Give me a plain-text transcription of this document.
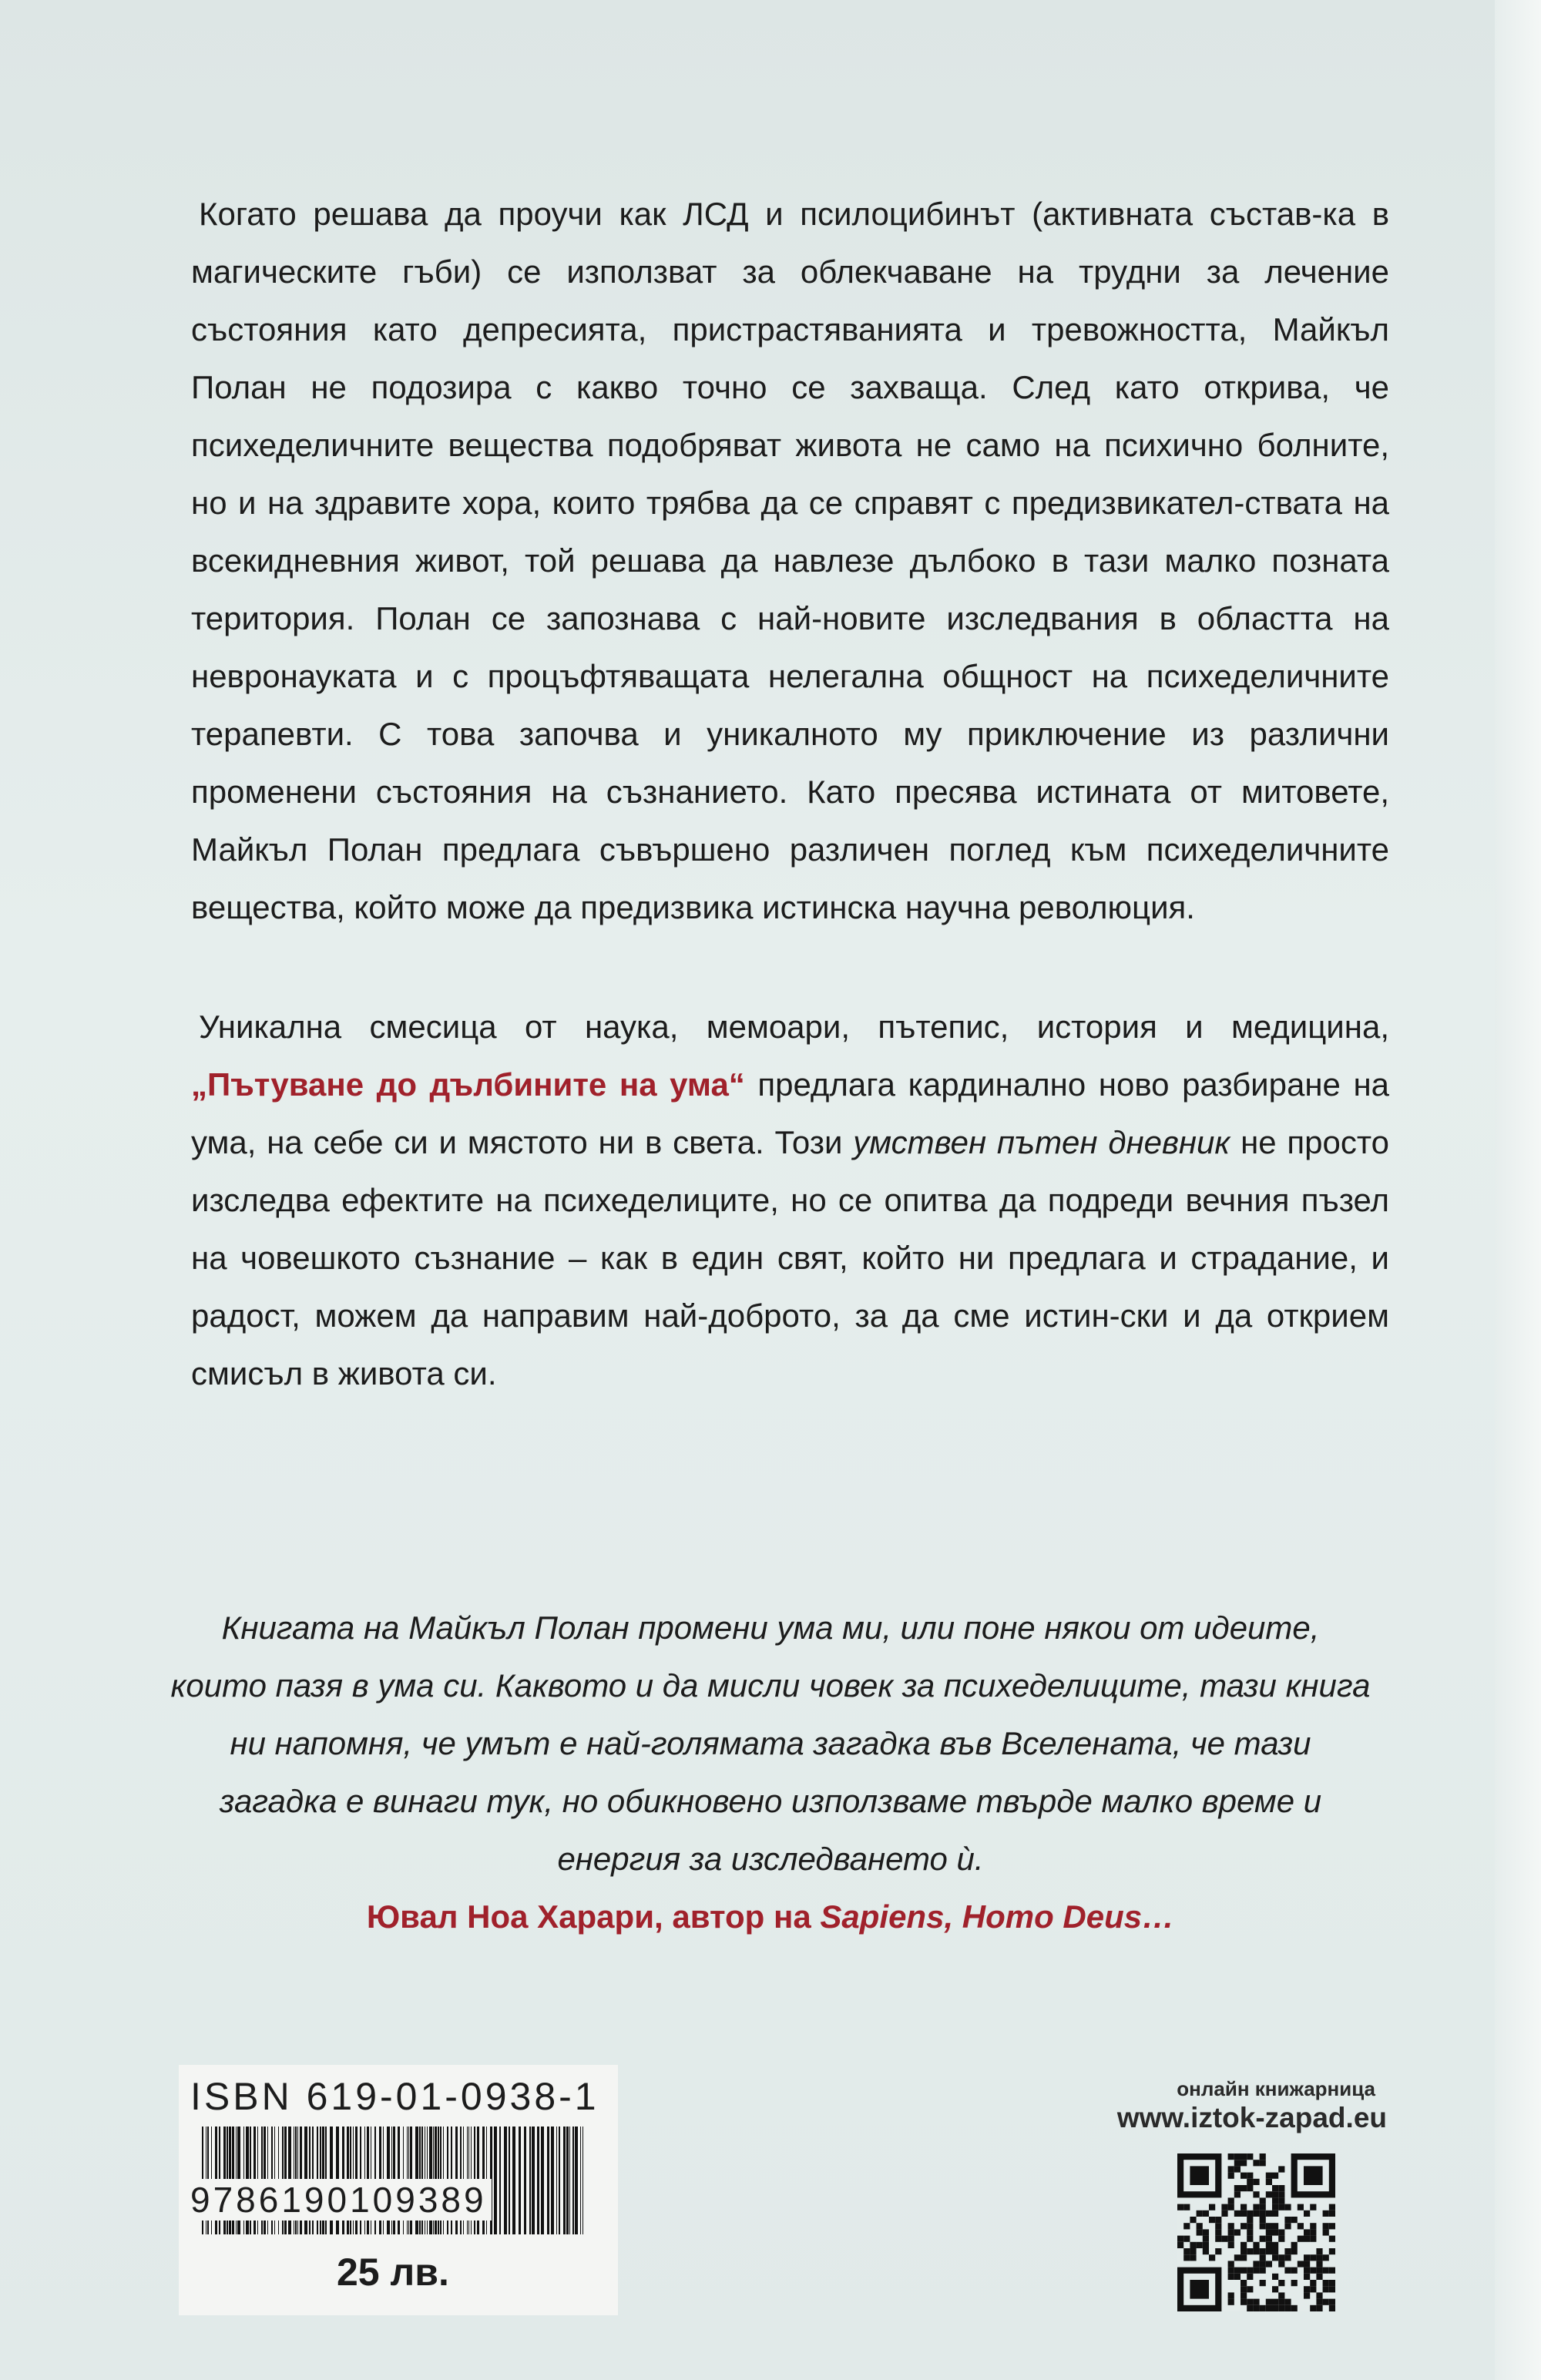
Когато решава да проучи как ЛСД и псилоцибинът (активната състав-ка в магическите гъби) се използват за облекчаване на трудни за лечение състояния като депресията, пристрастяванията и тревожността, Майкъл Полан не подозира с какво точно се захваща. След като открива, че психеделичните вещества подобряват живота не само на психично болните, но и на здравите хора, които трябва да се справят с предизвикател-ствата на всекидневния живот, той решава да навлезе дълбоко в тази малко позната територия. Полан се запознава с най-новите изследвания в областта на невронауката и с процъфтяващата нелегална общност на психеделичните терапевти. С това започва и уникалното му приключение из различни променени състояния на съзнанието. Като пресява истината от митовете, Майкъл Полан предлага съвършено различен поглед към психеделичните вещества, който може да предизвика истинска научна революция.

Уникална смесица от наука, мемоари, пътепис, история и медицина, „Пътуване до дълбините на ума“ предлага кардинално ново разбиране на ума, на себе си и мястото ни в света. Този умствен пътен дневник не просто изследва ефектите на психеделиците, но се опитва да подреди вечния пъзел на човешкото съзнание – как в един свят, който ни предлага и страдание, и радост, можем да направим най-доброто, за да сме истин-ски и да открием смисъл в живота си.

Книгата на Майкъл Полан промени ума ми, или поне някои от идеите, които пазя в ума си. Каквото и да мисли човек за психеделиците, тази книга ни напомня, че умът е най-голямата загадка във Вселената, че тази загадка е винаги тук, но обикновено използваме твърде малко време и енергия за изследването ѝ.
Ювал Ноа Харари, автор на Sapiens, Homo Deus…
ISBN 619-01-0938-1
9786190109389
25 лв.
онлайн книжарница
www.iztok-zapad.eu
